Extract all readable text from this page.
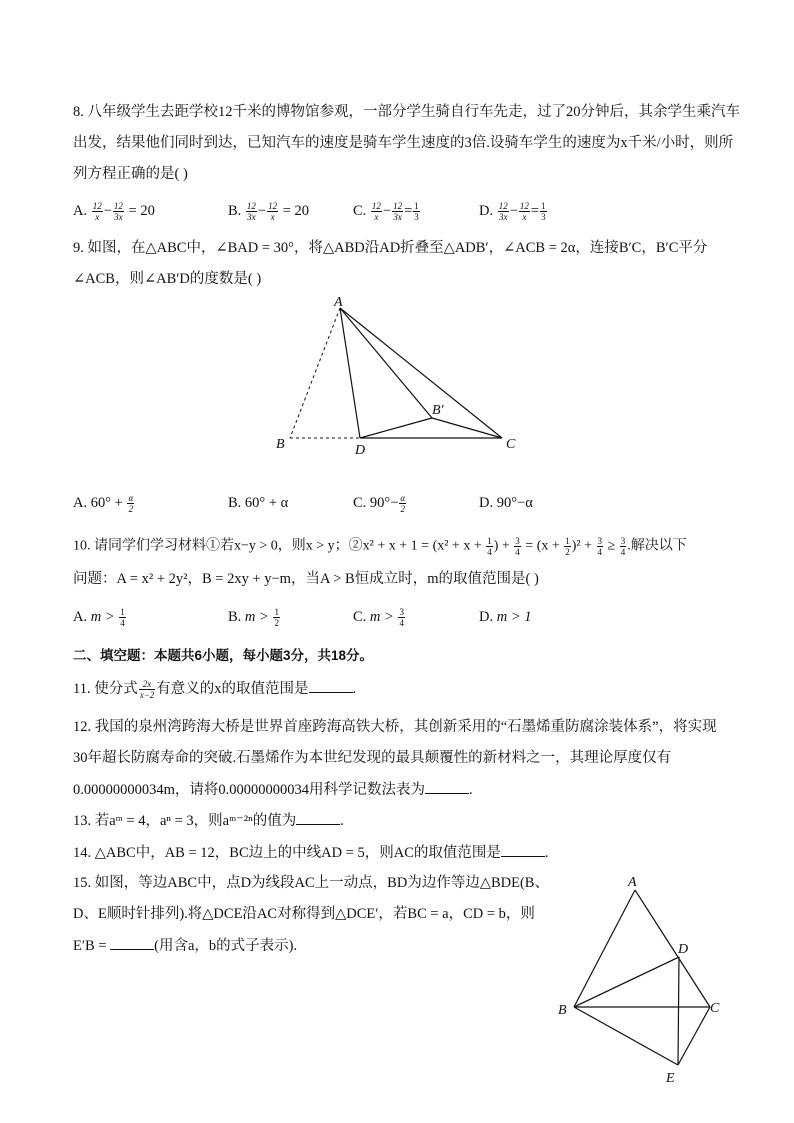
8. 八年级学生去距学校12千米的博物馆参观，一部分学生骑自行车先走，过了20分钟后，其余学生乘汽车
出发，结果他们同时到达，已知汽车的速度是骑车学生速度的3倍.设骑车学生的速度为x千米/小时，则所
列方程正确的是( )
A. $\frac{12}{x} - \frac{12}{3x} = 20$	B. $\frac{12}{3x} - \frac{12}{x} = 20$	C. $\frac{12}{x} - \frac{12}{3x} = \frac{1}{3}$	D. $\frac{12}{3x} - \frac{12}{x} = \frac{1}{3}$
9. 如图，在△ABC中，∠BAD = 30°，将△ABD沿AD折叠至△ADB′，∠ACB = 2α，连接B′C，B′C平分
∠ACB，则∠AB′D的度数是( )
A
B
B′
C
D
A. $60^\circ + \frac{\alpha}{2}$	B. 60° + α	C. $90^\circ- \frac{\alpha}{2}$	D. 90°−α
10. 请同学们学习材料①若x−y > 0，则x > y；②x² + $x + 1 = (x^2 + x + \frac{1}{4}$ ) + $\frac{3}{4} = (x + \frac{1}{2} )^2 + \frac{3}{4} \ge \frac{3}{4}$ .解决以下
问题：A = x² + 2y²，B = 2xy + y−m，当A > B恒成立时，m的取值范围是( )
A. $m > \frac{1}{4}$	B. $m > \frac{1}{2}$	C. $m > \frac{3}{4}$	D. m > 1
二、填空题：本题共6小题，每小题3分，共18分。
11. 使分式 $\frac{2x}{x-2}$ 有意义的x的取值范围是	.
12. 我国的泉州湾跨海大桥是世界首座跨海高铁大桥，其创新采用的“石墨烯重防腐涂装体系”，将实现
30年超长防腐寿命的突破.石墨烯作为本世纪发现的最具颠覆性的新材料之一，其理论厚度仅有
0.00000000034m，请将0.00000000034用科学记数法表为	.
13. 若aᵐ = 4，aⁿ = 3，则aᵐ⁻²ⁿ的值为	.
14. △ABC中，AB = 12，BC边上的中线AD = 5，则AC的取值范围是	.
15. 如图，等边ABC中，点D为线段AC上一动点，BD为边作等边△BDE(B、
D、E顺时针排列).将△DCE沿AC对称得到△DCE′，若BC = a，CD = b，则
E′B =	(用含a，b的式子表示).
A
B	C
D
E
